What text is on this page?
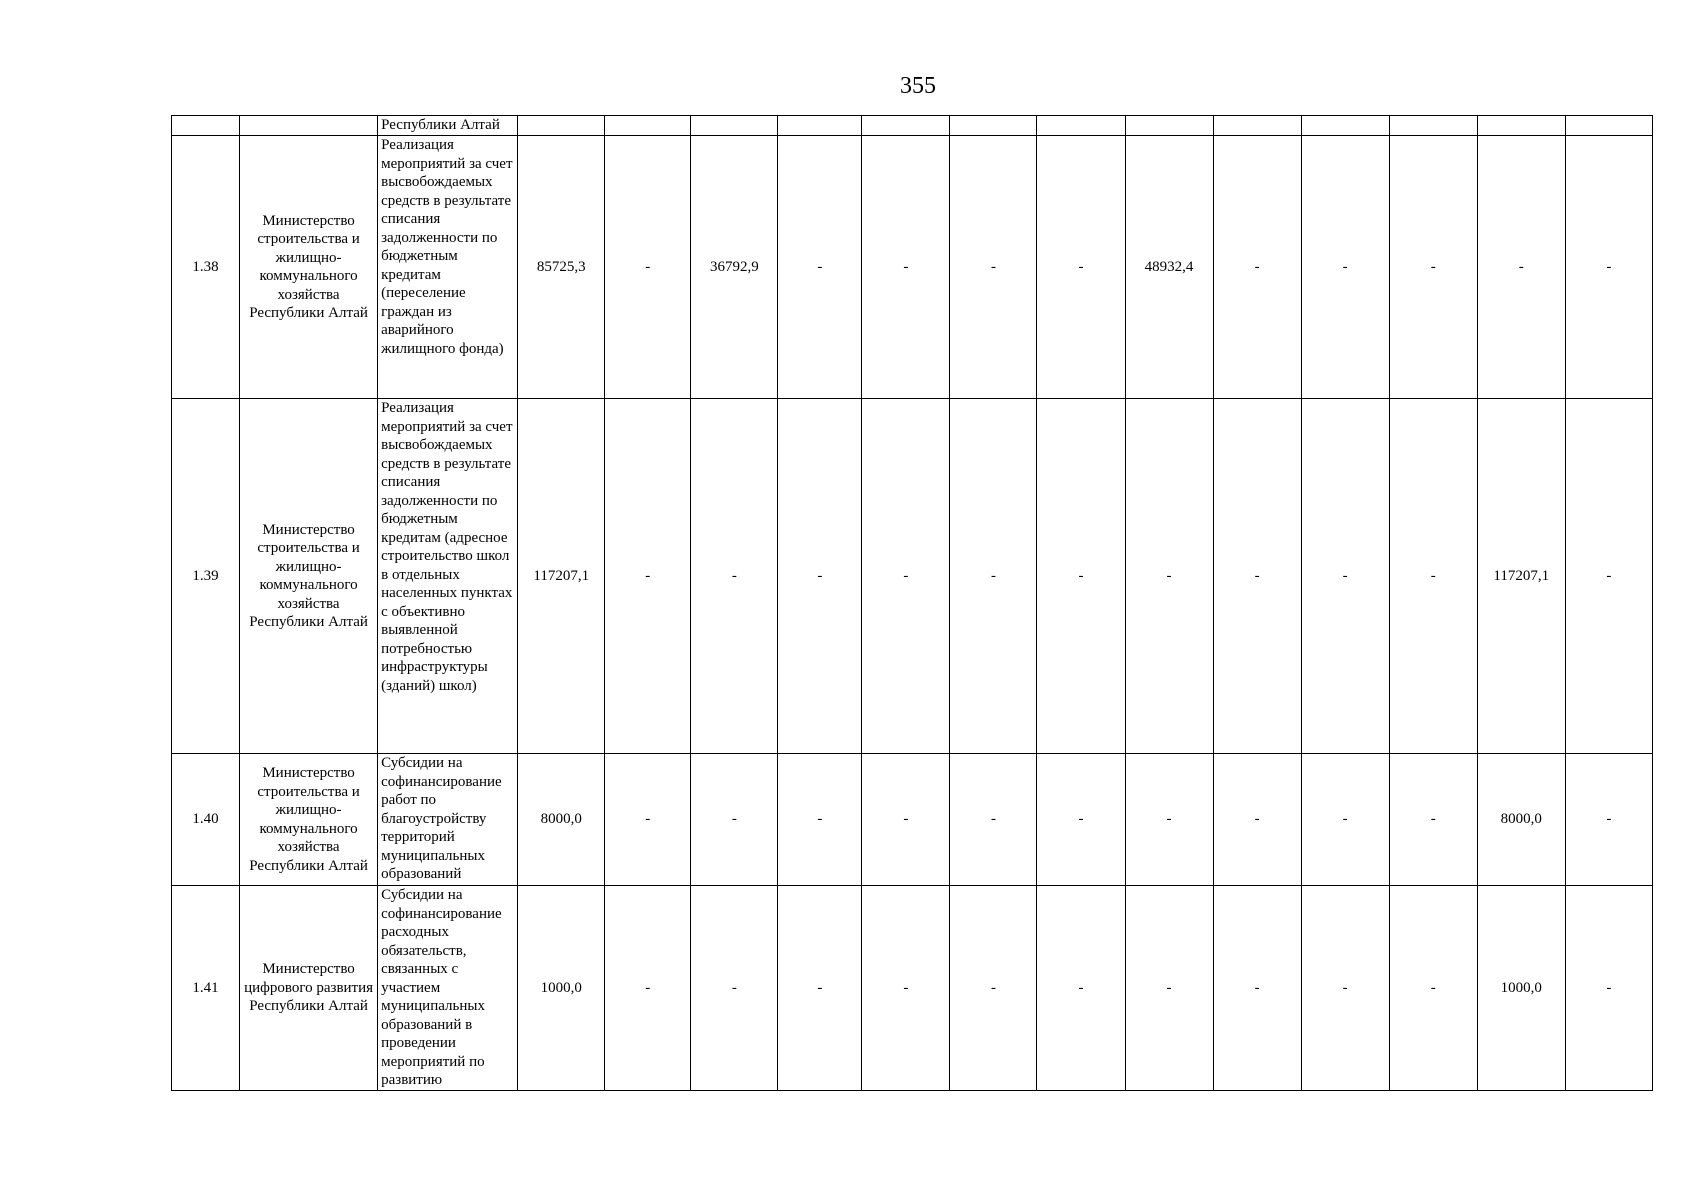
355
		Республики Алтай													
1.38	Министерство строительства и жилищно-коммунального хозяйства Республики Алтай	Реализация мероприятий за счет высвобождаемых средств в результате списания задолженности по бюджетным кредитам (переселение граждан из аварийного жилищного фонда)	85725,3	-	36792,9	-	-	-	-	48932,4	-	-	-	-	-
1.39	Министерство строительства и жилищно-коммунального хозяйства Республики Алтай	Реализация мероприятий за счет высвобождаемых средств в результате списания задолженности по бюджетным кредитам (адресное строительство школ в отдельных населенных пунктах с объективно выявленной потребностью инфраструктуры (зданий) школ)	117207,1	-	-	-	-	-	-	-	-	-	-	117207,1	-
1.40	Министерство строительства и жилищно-коммунального хозяйства Республики Алтай	Субсидии на софинансирование работ по благоустройству территорий муниципальных образований	8000,0	-	-	-	-	-	-	-	-	-	-	8000,0	-
1.41	Министерство цифрового развития Республики Алтай	Субсидии на софинансирование расходных обязательств, связанных с участием муниципальных образований в проведении мероприятий по развитию	1000,0	-	-	-	-	-	-	-	-	-	-	1000,0	-
